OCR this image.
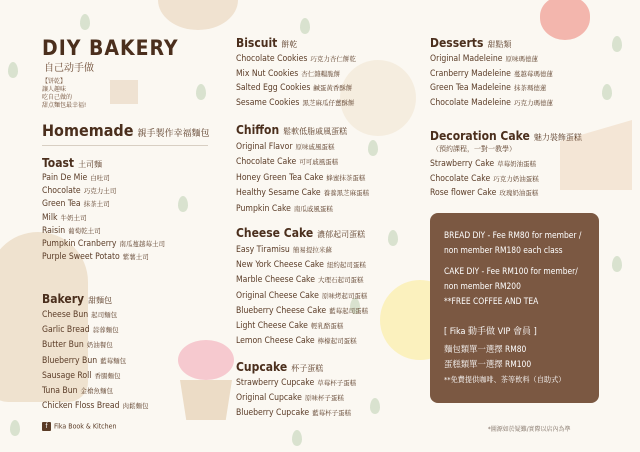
DIY BAKERY
自己动手做
【饼乾】
讓人趣味
吃自己做的
甜点麵包最幸福!
Homemade 親手製作幸福麵包
Toast 土司麵
Pain De Mie 白吐司
Chocolate 巧克力土司
Green Tea 抹茶土司
Milk 牛奶土司
Raisin 葡萄乾土司
Pumpkin Cranberry 南瓜蔓越莓土司
Purple Sweet Potato 紫薯土司
Bakery 甜麵包
Cheese Bun 起司麵包
Garlic Bread 蒜蓉麵包
Butter Bun 奶油餐包
Blueberry Bun 藍莓麵包
Sausage Roll 香腸麵包
Tuna Bun 金槍魚麵包
Chicken Floss Bread 肉鬆麵包
Biscuit 餅乾
Chocolate Cookies 巧克力杏仁餅乾
Mix Nut Cookies 杏仁雜糧脆餅
Salted Egg Cookies 鹹蛋黃香酥餅
Sesame Cookies 黑芝麻瓜仔薑酥餅
Chiffon 鬆軟低脂戚風蛋糕
Original Flavor 原味戚風蛋糕
Chocolate Cake 可可戚風蛋糕
Honey Green Tea Cake 蜂蜜抹茶蛋糕
Healthy Sesame Cake 養養黑芝麻蛋糕
Pumpkin Cake 南瓜戚風蛋糕
Cheese Cake 濃郁起司蛋糕
Easy Tiramisu 簡易提拉米蘇
New York Cheese Cake 紐約起司蛋糕
Marble Cheese Cake 大理石起司蛋糕
Original Cheese Cake 原味烤起司蛋糕
Blueberry Cheese Cake 藍莓起司蛋糕
Light Cheese Cake 輕乳酪蛋糕
Lemon Cheese Cake 檸檬起司蛋糕
Cupcake 杯子蛋糕
Strawberry Cupcake 草莓杯子蛋糕
Original Cupcake 原味杯子蛋糕
Blueberry Cupcake 藍莓杯子蛋糕
Desserts 甜點類
Original Madeleine 原味瑪德蓮
Cranberry Madeleine 蔓越莓瑪德蓮
Green Tea Madeleine 抹茶瑪德蓮
Chocolate Madeleine 巧克力瑪德蓮
Decoration Cake 魅力裝飾蛋糕
（預約課程，一對一教學）
Strawberry Cake 草莓奶油蛋糕
Chocolate Cake 巧克力奶油蛋糕
Rose flower Cake 玫瑰奶油蛋糕

BREAD DIY - Fee RM80 for member /

non member RM180 each class

CAKE DIY - Fee RM100 for member/

non member RM200

**FREE COFFEE AND TEA

[ Fika 動手做 VIP 會員 ]

麵包類單一選擇 RM80

蛋糕類單一選擇 RM100

**免費提供咖啡、茶等飲料（自助式）

f Fika Book & Kitchen	*圖源如於疑難/實際以店內為準
